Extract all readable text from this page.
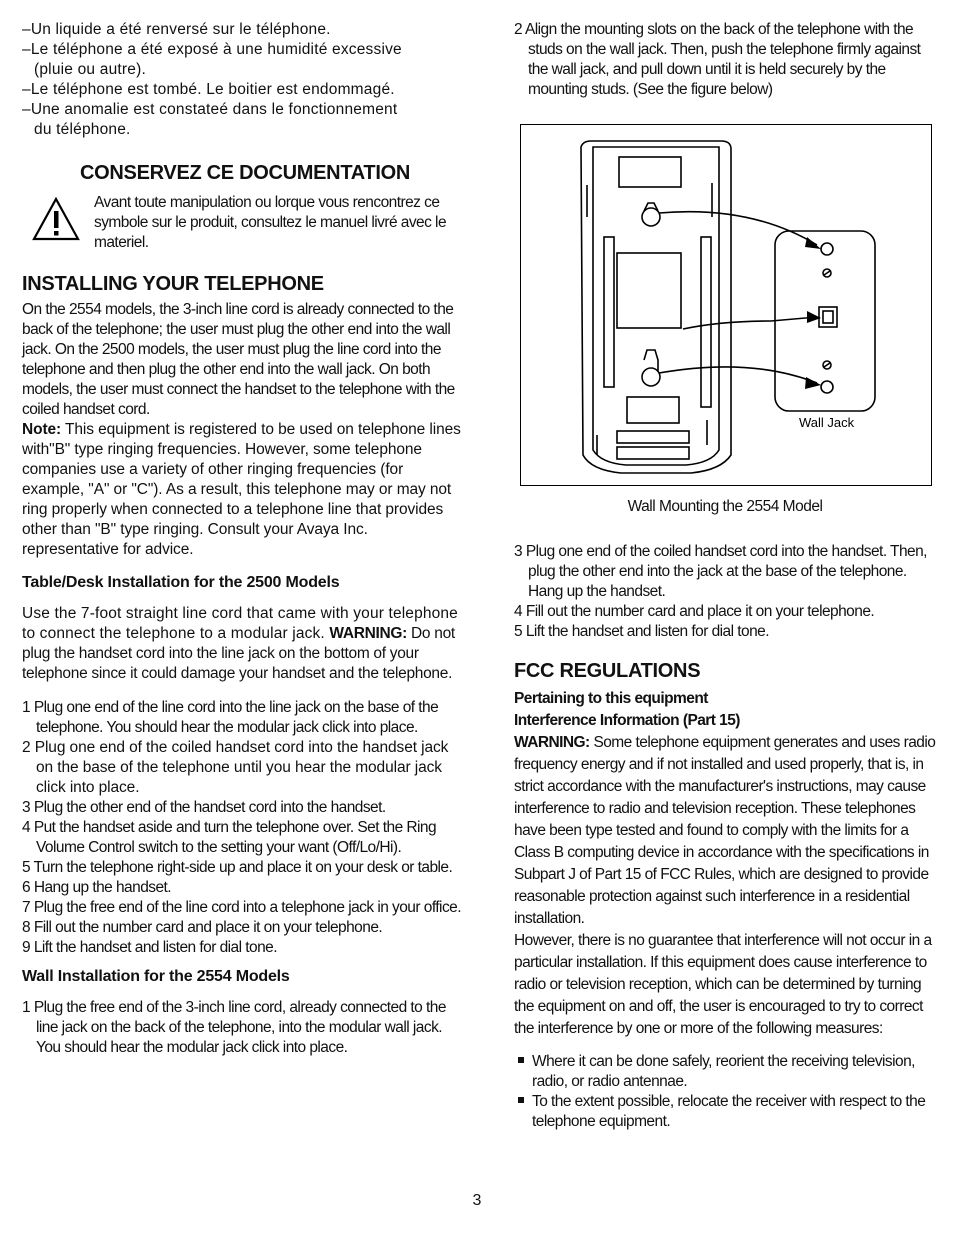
–Un liquide a été renversé sur le téléphone.

–Le téléphone a été exposé à une humidité excessive

(pluie ou autre).

–Le téléphone est tombé. Le boitier est endommagé.

–Une anomalie est constateé dans le fonctionnement

du téléphone.

CONSERVEZ CE DOCUMENTATION

Avant toute manipulation ou lorque vous rencontrez ce symbole sur le produit, consultez le manuel livré avec le materiel.

INSTALLING YOUR TELEPHONE

On the 2554 models, the 3-inch line cord is already connected to the back of the telephone; the user must plug the other end into the wall jack. On the 2500 models, the user must plug the line cord into the telephone and then plug the other end into the wall jack. On both models, the user must connect the handset to the telephone with the coiled handset cord.

Note: This equipment is registered to be used on telephone lines with"B" type ringing frequencies. However, some telephone companies use a variety of other ringing frequencies (for example, "A" or "C"). As a result, this telephone may or may not ring properly when connected to a telephone line that provides other than "B" type ringing. Consult your Avaya Inc. representative for advice.

Table/Desk Installation for the 2500 Models

Use the 7-foot straight line cord that came with your telephone to connect the telephone to a modular jack. WARNING: Do not plug the handset cord into the line jack on the bottom of your telephone since it could damage your handset and the telephone.

1 Plug one end of the line cord into the line jack on the base of the telephone. You should hear the modular jack click into place.

2 Plug one end of the coiled handset cord into the handset jack on the base of the telephone until you hear the modular jack click into place.

3 Plug the other end of the handset cord into the handset.

4 Put the handset aside and turn the telephone over. Set the Ring Volume Control switch to the setting your want (Off/Lo/Hi).

5 Turn the telephone right-side up and place it on your desk or table.

6 Hang up the handset.

7 Plug the free end of the line cord into a telephone jack in your office.

8 Fill out the number card and place it on your telephone.

9 Lift the handset and listen for dial tone.

Wall Installation for the 2554 Models

1 Plug the free end of the 3-inch line cord, already connected to the line jack on the back of the telephone, into the modular wall jack. You should hear the modular jack click into place.

2 Align the mounting slots on the back of the telephone with the studs on the wall jack. Then, push the telephone firmly against the wall jack, and pull down until it is held securely by the mounting studs. (See the figure below)

Wall Jack

Wall Mounting the 2554 Model

3 Plug one end of the coiled handset cord into the handset. Then, plug the other end into the jack at the base of the telephone. Hang up the handset.

4 Fill out the number card and place it on your telephone.

5 Lift the handset and listen for dial tone.

FCC REGULATIONS

Pertaining to this equipment

Interference Information (Part 15)

WARNING: Some telephone equipment generates and uses radio frequency energy and if not installed and used properly, that is, in strict accordance with the manufacturer's instructions, may cause interference to radio and television reception. These telephones have been type tested and found to comply with the limits for a Class B computing device in accordance with the specifications in Subpart J of Part 15 of FCC Rules, which are designed to provide reasonable protection against such interference in a residential installation.

However, there is no guarantee that interference will not occur in a particular installation. If this equipment does cause interference to radio or television reception, which can be determined by turning the equipment on and off, the user is encouraged to try to correct the interference by one or more of the following measures:

Where it can be done safely, reorient the receiving television, radio, or radio antennae.

To the extent possible, relocate the receiver with respect to the telephone equipment.

3
